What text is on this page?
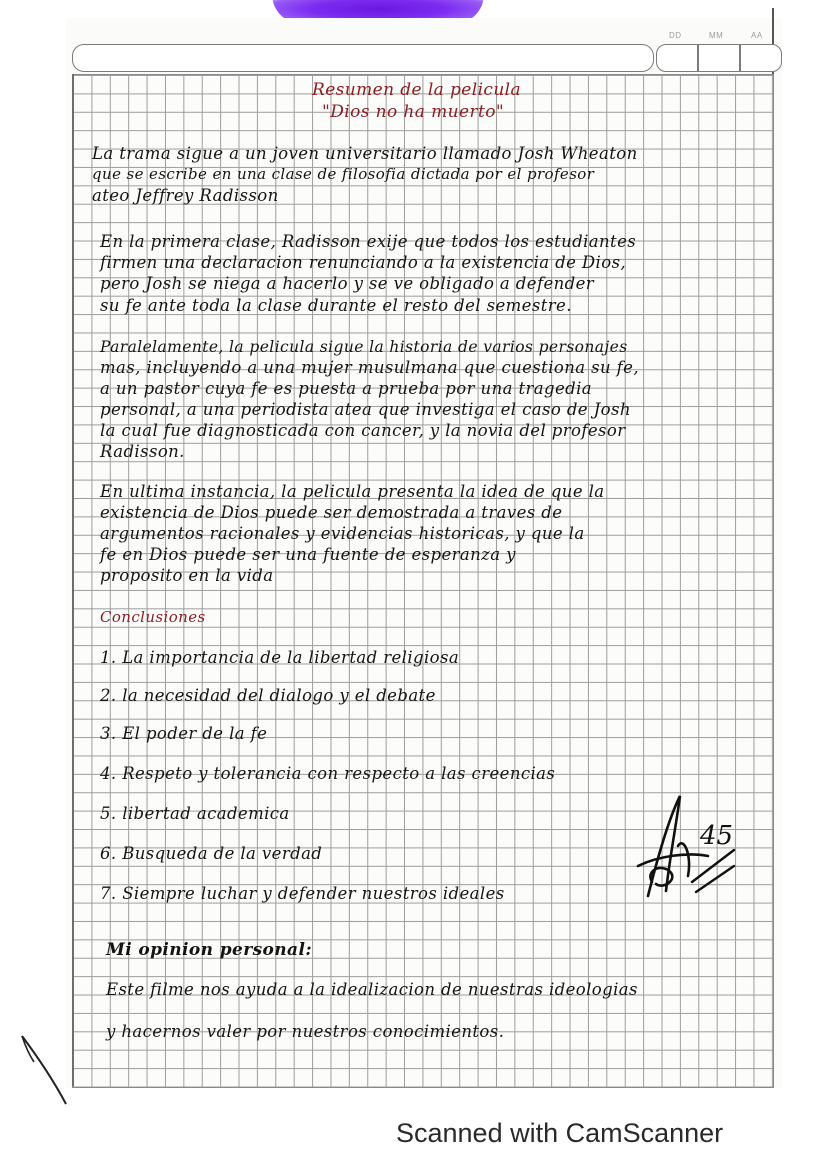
DD	MM	AA
Resumen de la pelicula
"Dios no ha muerto"
La trama sigue a un joven universitario llamado Josh Wheaton
que se escribe en una clase de filosofia dictada por el profesor
ateo Jeffrey Radisson
En la primera clase, Radisson exije que todos los estudiantes
firmen una declaracion renunciando a la existencia de Dios,
pero Josh se niega a hacerlo y se ve obligado a defender
su fe ante toda la clase durante el resto del semestre.
Paralelamente, la pelicula sigue la historia de varios personajes
mas, incluyendo a una mujer musulmana que cuestiona su fe,
a un pastor cuya fe es puesta a prueba por una tragedia
personal, a una periodista atea que investiga el caso de Josh
la cual fue diagnosticada con cancer, y la novia del profesor
Radisson.
En ultima instancia, la pelicula presenta la idea de que la
existencia de Dios puede ser demostrada a traves de
argumentos racionales y evidencias historicas, y que la
fe en Dios puede ser una fuente de esperanza y
proposito en la vida
Conclusiones
1. La importancia de la libertad religiosa
2. la necesidad del dialogo y el debate
3. El poder de la fe
4. Respeto y tolerancia con respecto a las creencias
5. libertad academica
6. Busqueda de la verdad
7. Siempre luchar y defender nuestros ideales
Mi opinion personal:
Este filme nos ayuda a la idealizacion de nuestras ideologias
y hacernos valer por nuestros conocimientos.
45
Scanned with CamScanner
